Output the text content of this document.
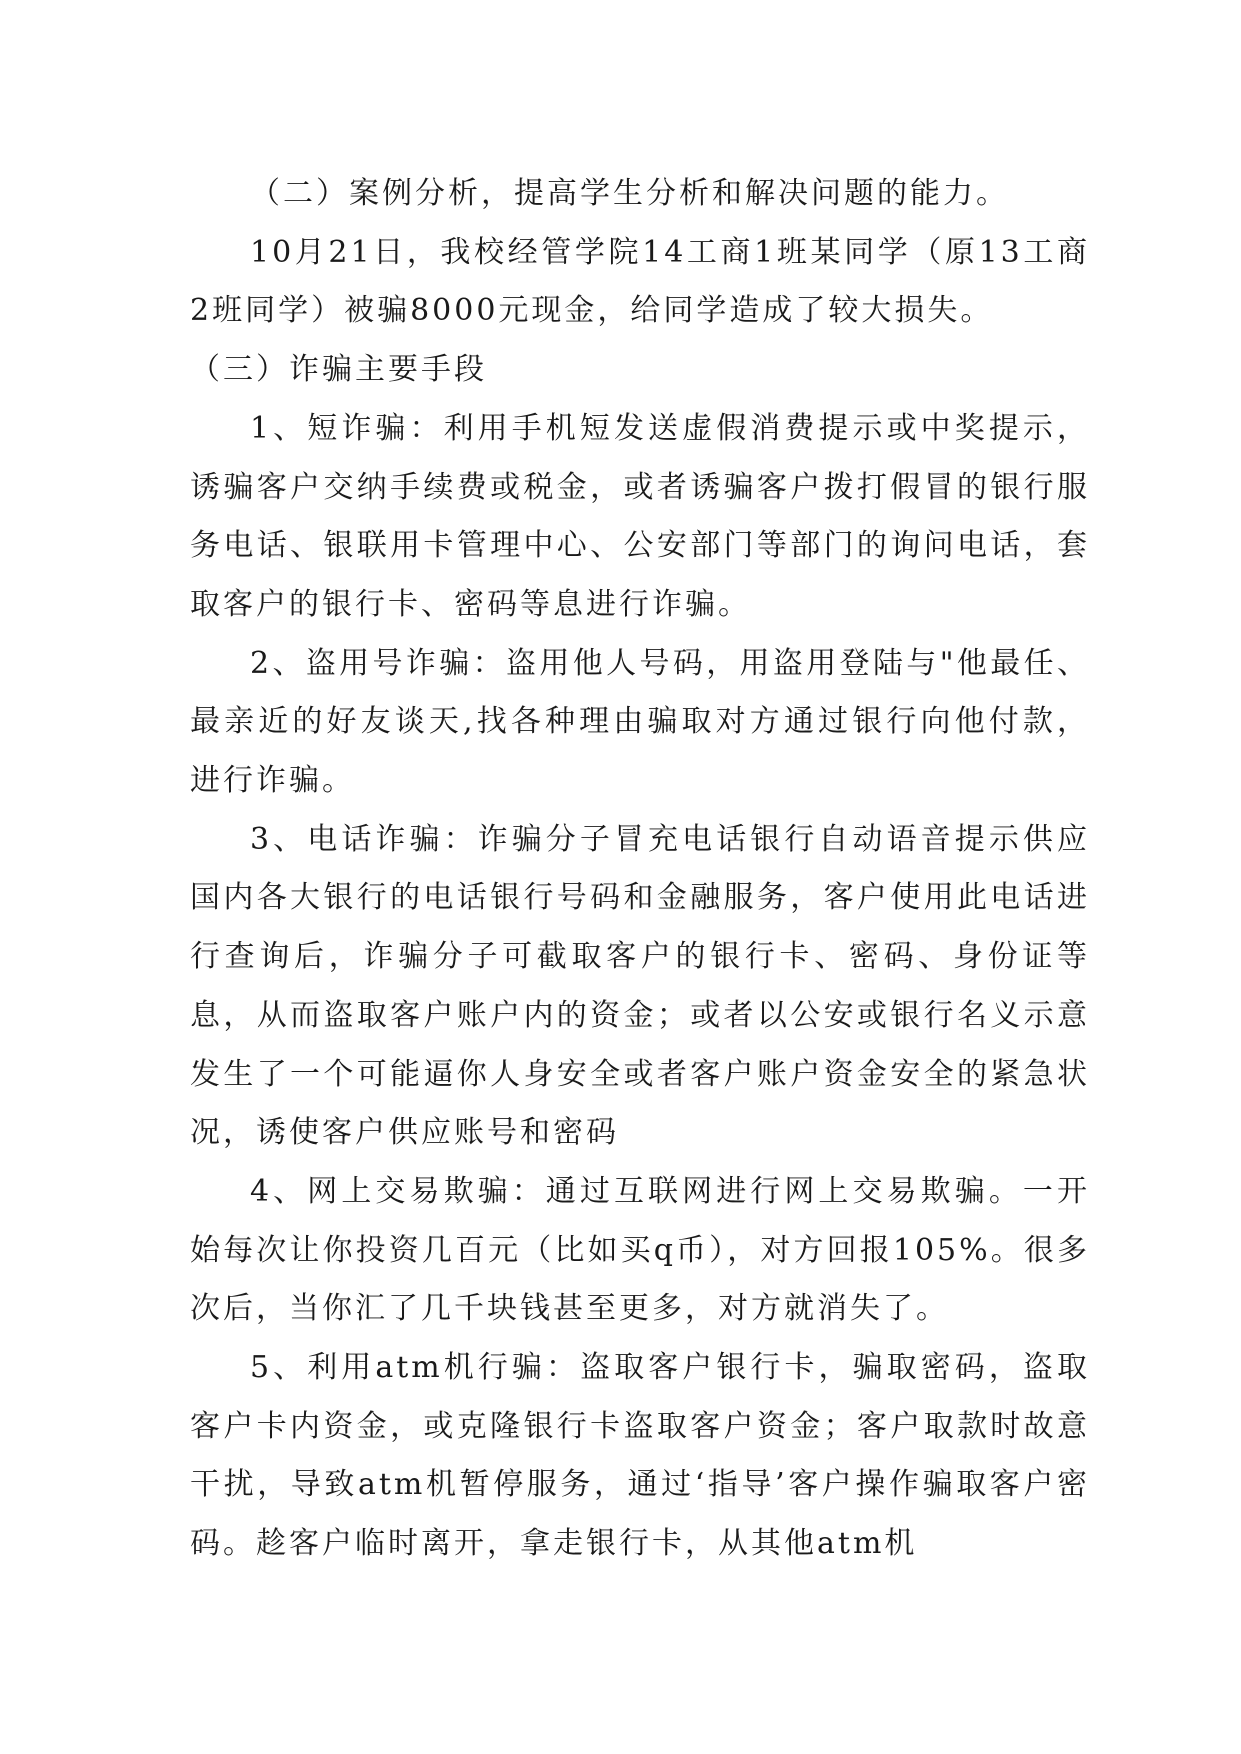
（二）案例分析，提高学生分析和解决问题的能力。

10月21日，我校经管学院14工商1班某同学（原13工商2班同学）被骗8000元现金，给同学造成了较大损失。

（三）诈骗主要手段

1、短诈骗：利用手机短发送虚假消费提示或中奖提示，诱骗客户交纳手续费或税金，或者诱骗客户拨打假冒的银行服务电话、银联用卡管理中心、公安部门等部门的询问电话，套取客户的银行卡、密码等息进行诈骗。

2、盗用号诈骗：盗用他人号码，用盗用登陆与"他最任、最亲近的好友谈天,找各种理由骗取对方通过银行向他付款，进行诈骗。

3、电话诈骗：诈骗分子冒充电话银行自动语音提示供应国内各大银行的电话银行号码和金融服务，客户使用此电话进行查询后，诈骗分子可截取客户的银行卡、密码、身份证等息，从而盗取客户账户内的资金；或者以公安或银行名义示意发生了一个可能逼你人身安全或者客户账户资金安全的紧急状况，诱使客户供应账号和密码

4、网上交易欺骗：通过互联网进行网上交易欺骗。一开始每次让你投资几百元（比如买q币），对方回报105%。很多次后，当你汇了几千块钱甚至更多，对方就消失了。

5、利用atm机行骗：盗取客户银行卡，骗取密码，盗取客户卡内资金，或克隆银行卡盗取客户资金；客户取款时故意干扰，导致atm机暂停服务，通过‘指导’客户操作骗取客户密码。趁客户临时离开，拿走银行卡，从其他atm机
